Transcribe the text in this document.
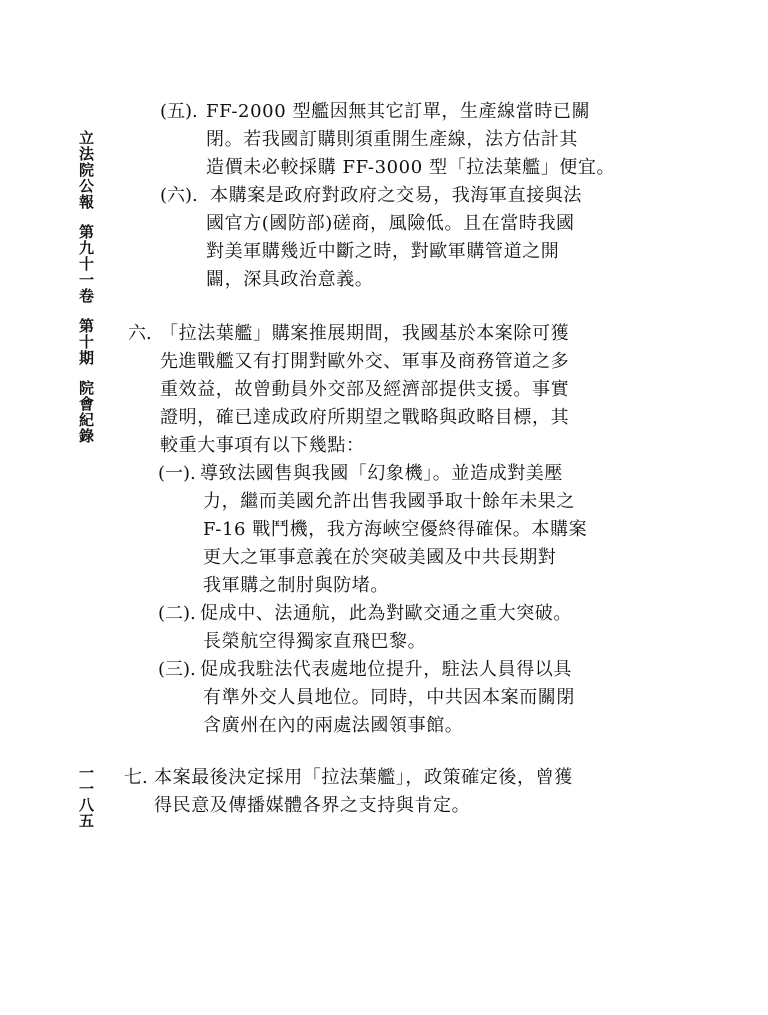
立法院公報第九十一卷第十期院會紀錄
一一八五
(五). FF-2000 型艦因無其它訂單，生產線當時已關
閉。若我國訂購則須重開生產線，法方估計其
造價未必較採購 FF-3000 型「拉法葉艦」便宜。
(六). 本購案是政府對政府之交易，我海軍直接與法
國官方(國防部)磋商，風險低。且在當時我國
對美軍購幾近中斷之時，對歐軍購管道之開
闢，深具政治意義。
六. 「拉法葉艦」購案推展期間，我國基於本案除可獲
先進戰艦又有打開對歐外交、軍事及商務管道之多
重效益，故曾動員外交部及經濟部提供支援。事實
證明，確已達成政府所期望之戰略與政略目標，其
較重大事項有以下幾點：
(一). 導致法國售與我國「幻象機」。並造成對美壓
力，繼而美國允許出售我國爭取十餘年未果之
F-16 戰鬥機，我方海峽空優終得確保。本購案
更大之軍事意義在於突破美國及中共長期對
我軍購之制肘與防堵。
(二). 促成中、法通航，此為對歐交通之重大突破。
長榮航空得獨家直飛巴黎。
(三). 促成我駐法代表處地位提升，駐法人員得以具
有準外交人員地位。同時，中共因本案而關閉
含廣州在內的兩處法國領事館。
七. 本案最後決定採用「拉法葉艦」，政策確定後，曾獲
得民意及傳播媒體各界之支持與肯定。
